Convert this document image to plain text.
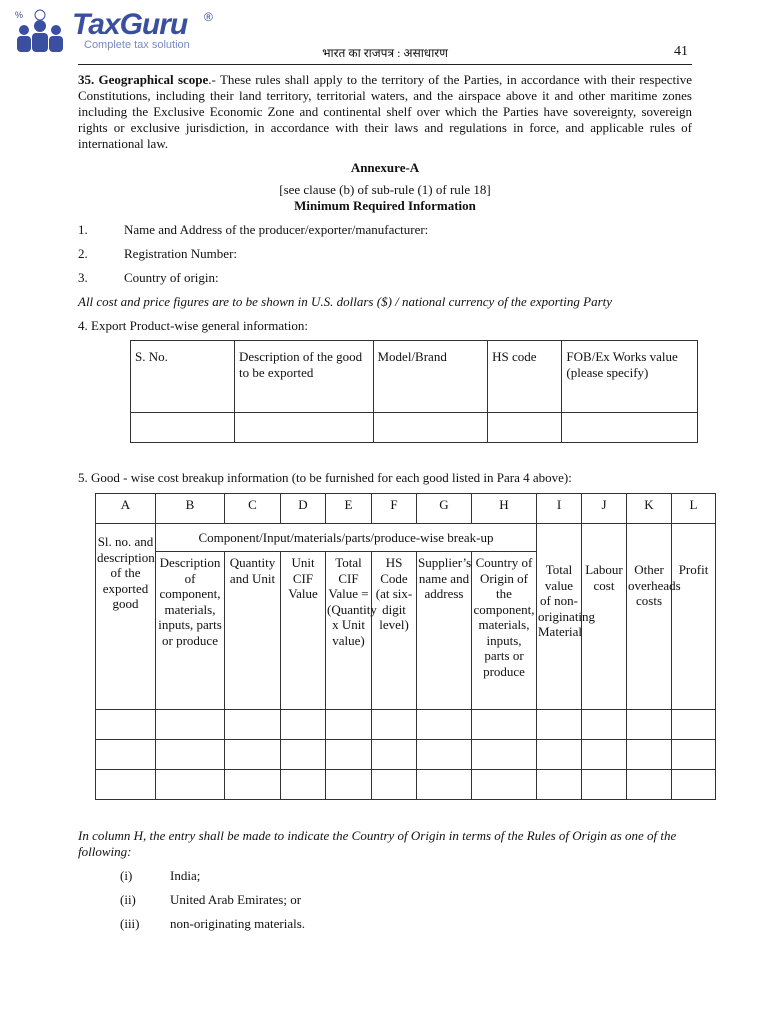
% TaxGuru ®
Complete tax solution
भारत का राजपत्र : असाधारण	41
35. Geographical scope.- These rules shall apply to the territory of the Parties, in accordance with their respective Constitutions, including their land territory, territorial waters, and the airspace above it and other maritime zones including the Exclusive Economic Zone and continental shelf over which the Parties have sovereignty, sovereign rights or exclusive jurisdiction, in accordance with their laws and regulations in force, and applicable rules of international law.
Annexure-A
[see clause (b) of sub-rule (1) of rule 18]
Minimum Required Information
1.	Name and Address of the producer/exporter/manufacturer:
2.	Registration Number:
3.	Country of origin:
All cost and price figures are to be shown in U.S. dollars ($) / national currency of the exporting Party
4. Export Product-wise general information:
S. No.	Description of the good to be exported	Model/Brand	HS code	FOB/Ex Works value (please specify)

5. Good - wise cost breakup information (to be furnished for each good listed in Para 4 above):
A	B	C	D	E	F	G	H	I	J	K	L
Sl. no. and description of the exported good	Component/Input/materials/parts/produce-wise break-up							Total value of non-originating Material	Labour cost	Other overheads costs	Profit
	Description of component, materials, inputs, parts or produce	Quantity and Unit	Unit CIF Value	Total CIF Value = (Quantity x Unit value)	HS Code (at six-digit level)	Supplier’s name and address	Country of Origin of the component, materials, inputs, parts or produce				

In column H, the entry shall be made to indicate the Country of Origin in terms of the Rules of Origin as one of the following:
(i)	India;
(ii)	United Arab Emirates; or
(iii) non-originating materials.
